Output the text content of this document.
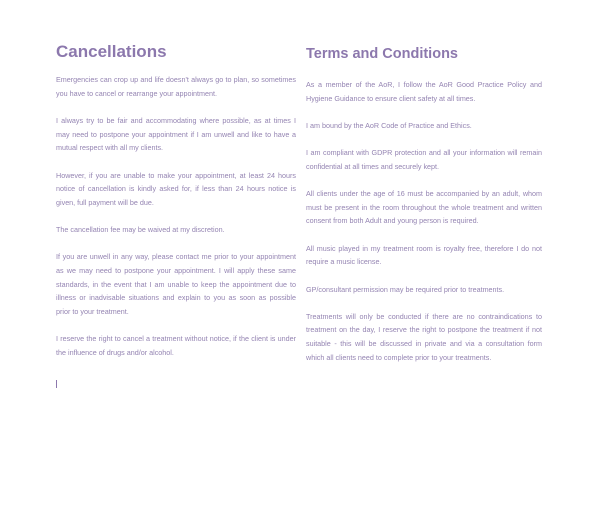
Cancellations

Emergencies can crop up and life doesn't always go to plan, so sometimes you have to cancel or rearrange your appointment.

I always try to be fair and accommodating where possible, as at times I may need to postpone your appointment if I am unwell and like to have a mutual respect with all my clients.

However, if you are unable to make your appointment, at least 24 hours notice of cancellation is kindly asked for, if less than 24 hours notice is given, full payment will be due.

The cancellation fee may be waived at my discretion.

If you are unwell in any way, please contact me prior to your appointment as we may need to postpone your appointment. I will apply these same standards, in the event that I am unable to keep the appointment due to illness or inadvisable situations and explain to you as soon as possible prior to your treatment.

I reserve the right to cancel a treatment without notice, if the client is under the influence of drugs and/or alcohol.

Terms and Conditions

As a member of the AoR, I follow the AoR Good Practice Policy and Hygiene Guidance to ensure client safety at all times.

I am bound by the AoR Code of Practice and Ethics.

I am compliant with GDPR protection and all your information will remain confidential at all times and securely kept.

All clients under the age of 16 must be accompanied by an adult, whom must be present in the room throughout the whole treatment and written consent from both Adult and young person is required.

All music played in my treatment room is royalty free, therefore I do not require a music license.

GP/consultant permission may be required prior to treatments.

Treatments will only be conducted if there are no contraindications to treatment on the day, I reserve the right to postpone the treatment if not suitable - this will be discussed in private and via a consultation form which all clients need to complete prior to your treatments.
